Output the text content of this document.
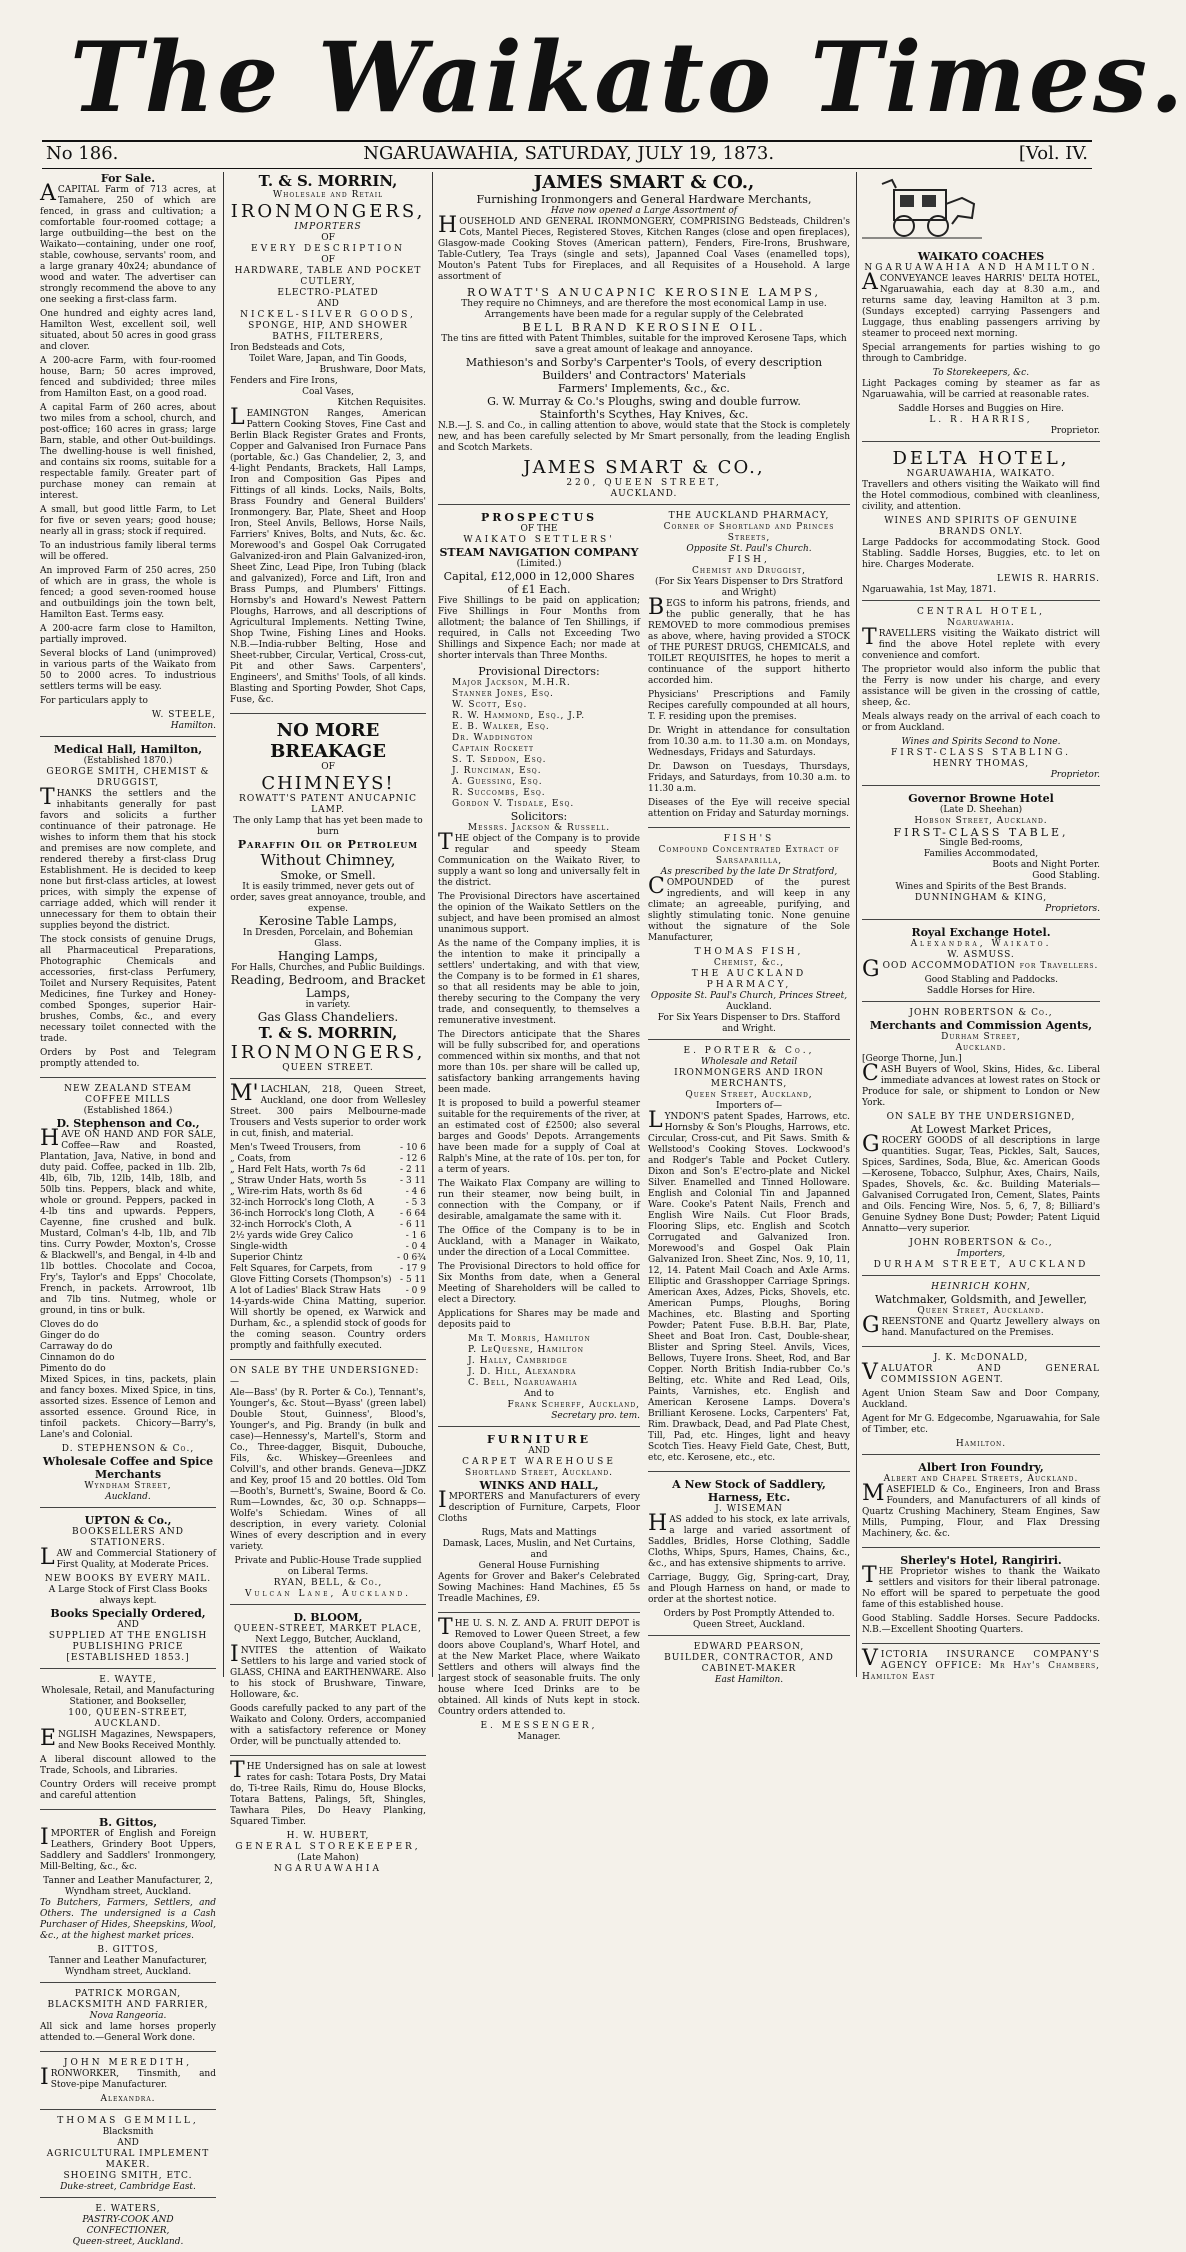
The Waikato Times.
No 186.	NGARUAWAHIA, SATURDAY, JULY 19, 1873.	[Vol. IV.
For Sale.

ACAPITAL Farm of 713 acres, at Tamahere, 250 of which are fenced, in grass and cultivation; a comfortable four-roomed cottage; a large outbuilding—the best on the Waikato—containing, under one roof, stable, cowhouse, servants' room, and a large granary 40x24; abundance of wood and water. The advertiser can strongly recommend the above to any one seeking a first-class farm.

One hundred and eighty acres land, Hamilton West, excellent soil, well situated, about 50 acres in good grass and clover.

A 200-acre Farm, with four-roomed house, Barn; 50 acres improved, fenced and subdivided; three miles from Hamilton East, on a good road.

A capital Farm of 260 acres, about two miles from a school, church, and post-office; 160 acres in grass; large Barn, stable, and other Out-buildings. The dwelling-house is well finished, and contains six rooms, suitable for a respectable family. Greater part of purchase money can remain at interest.

A small, but good little Farm, to Let for five or seven years; good house; nearly all in grass; stock if required.

To an industrious family liberal terms will be offered.

An improved Farm of 250 acres, 250 of which are in grass, the whole is fenced; a good seven-roomed house and outbuildings join the town belt, Hamilton East. Terms easy.

A 200-acre farm close to Hamilton, partially improved.

Several blocks of Land (unimproved) in various parts of the Waikato from 50 to 2000 acres. To industrious settlers terms will be easy.

For particulars apply to

W. STEELE,
Hamilton.
Medical Hall, Hamilton,
(Established 1870.)
GEORGE SMITH, CHEMIST & DRUGGIST,

THANKS the settlers and the inhabitants generally for past favors and solicits a further continuance of their patronage. He wishes to inform them that his stock and premises are now complete, and rendered thereby a first-class Drug Establishment. He is decided to keep none but first-class articles, at lowest prices, with simply the expense of carriage added, which will render it unnecessary for them to obtain their supplies beyond the district.

The stock consists of genuine Drugs, all Pharmaceutical Preparations, Photographic Chemicals and accessories, first-class Perfumery, Toilet and Nursery Requisites, Patent Medicines, fine Turkey and Honey-combed Sponges, superior Hair-brushes, Combs, &c., and every necessary toilet connected with the trade.

Orders by Post and Telegram promptly attended to.

NEW ZEALAND STEAM COFFEE MILLS
(Established 1864.)
D. Stephenson and Co.,

HAVE ON HAND AND FOR SALE, Coffee—Raw and Roasted, Plantation, Java, Native, in bond and duty paid. Coffee, packed in 1lb. 2lb, 4lb, 6lb, 7lb, 12lb, 14lb, 18lb, and 50lb tins. Peppers, black and white, whole or ground. Peppers, packed in 4-lb tins and upwards. Peppers, Cayenne, fine crushed and bulk. Mustard, Colman's 4-lb, 1lb, and 7lb tins. Curry Powder, Moxton's, Crosse & Blackwell's, and Bengal, in 4-lb and 1lb bottles. Chocolate and Cocoa, Fry's, Taylor's and Epps' Chocolate, French, in packets. Arrowroot, 1lb and 7lb tins. Nutmeg, whole or ground, in tins or bulk.

Cloves do do
Ginger do do
Carraway do do
Cinnamon do do
Pimento do do

Mixed Spices, in tins, packets, plain and fancy boxes. Mixed Spice, in tins, assorted sizes. Essence of Lemon and assorted essence. Ground Rice, in tinfoil packets. Chicory—Barry's, Lane's and Colonial.

D. STEPHENSON & Co.,
Wholesale Coffee and Spice Merchants
Wyndham Street,
Auckland.
UPTON & Co.,
BOOKSELLERS AND STATIONERS.

LAW and Commercial Stationery of First Quality, at Moderate Prices.

NEW BOOKS BY EVERY MAIL.
A Large Stock of First Class Books always kept.
Books Specially Ordered,
AND
SUPPLIED AT THE ENGLISH PUBLISHING PRICE
[ESTABLISHED 1853.]
E. WAYTE,
Wholesale, Retail, and Manufacturing Stationer, and Bookseller,
100, QUEEN-STREET, AUCKLAND.

ENGLISH Magazines, Newspapers, and New Books Received Monthly.

A liberal discount allowed to the Trade, Schools, and Libraries.

Country Orders will receive prompt and careful attention

B. Gittos,

IMPORTER of English and Foreign Leathers, Grindery Boot Uppers, Saddlery and Saddlers' Ironmongery, Mill-Belting, &c., &c.

Tanner and Leather Manufacturer, 2, Wyndham street, Auckland.

To Butchers, Farmers, Settlers, and Others. The undersigned is a Cash Purchaser of Hides, Sheepskins, Wool, &c., at the highest market prices.

B. GITTOS,
Tanner and Leather Manufacturer, Wyndham street, Auckland.
PATRICK MORGAN,
BLACKSMITH AND FARRIER,
Nova Rangeoria.

All sick and lame horses properly attended to.—General Work done.

JOHN MEREDITH,

IRONWORKER, Tinsmith, and Stove-pipe Manufacturer.

Alexandra.
THOMAS GEMMILL,
Blacksmith
AND
AGRICULTURAL IMPLEMENT MAKER.
SHOEING SMITH, ETC.
Duke-street, Cambridge East.
E. WATERS,
PASTRY-COOK AND CONFECTIONER,
Queen-street, Auckland.
T. & S. MORRIN,
Wholesale and Retail
IRONMONGERS,
IMPORTERS
OF
EVERY DESCRIPTION
OF
HARDWARE, TABLE AND POCKET CUTLERY,
ELECTRO-PLATED
AND
NICKEL-SILVER GOODS,
SPONGE, HIP, AND SHOWER BATHS, FILTERERS,
Iron Bedsteads and Cots,
Toilet Ware, Japan, and Tin Goods,
Brushware, Door Mats,
Fenders and Fire Irons,
Coal Vases,
Kitchen Requisites.

LEAMINGTON Ranges, American Pattern Cooking Stoves, Fine Cast and Berlin Black Register Grates and Fronts, Copper and Galvanised Iron Furnace Pans (portable, &c.) Gas Chandelier, 2, 3, and 4-light Pendants, Brackets, Hall Lamps, Iron and Composition Gas Pipes and Fittings of all kinds. Locks, Nails, Bolts, Brass Foundry and General Builders' Ironmongery. Bar, Plate, Sheet and Hoop Iron, Steel Anvils, Bellows, Horse Nails, Farriers' Knives, Bolts, and Nuts, &c. &c. Morewood's and Gospel Oak Corrugated Galvanized-iron and Plain Galvanized-iron, Sheet Zinc, Lead Pipe, Iron Tubing (black and galvanized), Force and Lift, Iron and Brass Pumps, and Plumbers' Fittings. Hornsby's and Howard's Newest Pattern Ploughs, Harrows, and all descriptions of Agricultural Implements. Netting Twine, Shop Twine, Fishing Lines and Hooks. N.B.—India-rubber Belting, Hose and Sheet-rubber, Circular, Vertical, Cross-cut, Pit and other Saws. Carpenters', Engineers', and Smiths' Tools, of all kinds. Blasting and Sporting Powder, Shot Caps, Fuse, &c.

NO MORE BREAKAGE
OF
CHIMNEYS!
ROWATT'S PATENT ANUCAPNIC LAMP.
The only Lamp that has yet been made to burn
Paraffin Oil or Petroleum
Without Chimney,
Smoke, or Smell.
It is easily trimmed, never gets out of order, saves great annoyance, trouble, and expense.
Kerosine Table Lamps,
In Dresden, Porcelain, and Bohemian Glass.
Hanging Lamps,
For Halls, Churches, and Public Buildings.
Reading, Bedroom, and Bracket Lamps,
in variety.
Gas Glass Chandeliers.
T. & S. MORRIN,
IRONMONGERS,
QUEEN STREET.

M'LACHLAN, 218, Queen Street, Auckland, one door from Wellesley Street. 300 pairs Melbourne-made Trousers and Vests superior to order work in cut, finish, and material.

Men's Tweed Trousers, from	- 10 6
„ Coats, from	- 12 6
„ Hard Felt Hats, worth 7s 6d	- 2 11
„ Straw Under Hats, worth 5s	- 3 11
„ Wire-rim Hats, worth 8s 6d	- 4 6
32-inch Horrock's long Cloth, A	- 5 3
36-inch Horrock's long Cloth, A	- 6 64
32-inch Horrock's Cloth, A	- 6 11
2½ yards wide Grey Calico	- 1 6
Single-width	- 0 4
Superior Chintz	- 0 6¾
Felt Squares, for Carpets, from	- 17 9
Glove Fitting Corsets (Thompson's) - 5 11
A lot of Ladies' Black Straw Hats	- 0 9

14-yards-wide China Matting, superior. Will shortly be opened, ex Warwick and Durham, &c., a splendid stock of goods for the coming season. Country orders promptly and faithfully executed.

ON SALE BY THE UNDERSIGNED:—

Ale—Bass' (by R. Porter & Co.), Tennant's, Younger's, &c. Stout—Byass' (green label) Double Stout, Guinness', Blood's, Younger's, and Pig. Brandy (in bulk and case)—Hennessy's, Martell's, Storm and Co., Three-dagger, Bisquit, Dubouche, Fils, &c. Whiskey—Greenlees and Colvill's, and other brands. Geneva—JDKZ and Key, proof 15 and 20 bottles. Old Tom—Booth's, Burnett's, Swaine, Boord & Co. Rum—Lowndes, &c, 30 o.p. Schnapps—Wolfe's Schiedam. Wines of all description, in every variety. Colonial Wines of every description and in every variety.

Private and Public-House Trade supplied on Liberal Terms.
RYAN, BELL, & Co.,
Vulcan Lane, Auckland.
D. BLOOM,
QUEEN-STREET, MARKET PLACE,
Next Leggo, Butcher, Auckland,

INVITES the attention of Waikato Settlers to his large and varied stock of GLASS, CHINA and EARTHENWARE. Also to his stock of Brushware, Tinware, Holloware, &c.

Goods carefully packed to any part of the Waikato and Colony. Orders, accompanied with a satisfactory reference or Money Order, will be punctually attended to.

THE Undersigned has on sale at lowest rates for cash: Totara Posts, Dry Matai do, Ti-tree Rails, Rimu do, House Blocks, Totara Battens, Palings, 5ft, Shingles, Tawhara Piles, Do Heavy Planking, Squared Timber.

H. W. HUBERT,
GENERAL STOREKEEPER,
(Late Mahon)
NGARUAWAHIA
JAMES SMART & CO.,
Furnishing Ironmongers and General Hardware Merchants,
Have now opened a Large Assortment of

HOUSEHOLD AND GENERAL IRONMONGERY, COMPRISING Bedsteads, Children's Cots, Mantel Pieces, Registered Stoves, Kitchen Ranges (close and open fireplaces), Glasgow-made Cooking Stoves (American pattern), Fenders, Fire-Irons, Brushware, Table-Cutlery, Tea Trays (single and sets), Japanned Coal Vases (enamelled tops), Mouton's Patent Tubs for Fireplaces, and all Requisites of a Household. A large assortment of

ROWATT'S ANUCAPNIC KEROSINE LAMPS,
They require no Chimneys, and are therefore the most economical Lamp in use.
Arrangements have been made for a regular supply of the Celebrated
BELL BRAND KEROSINE OIL.
The tins are fitted with Patent Thimbles, suitable for the improved Kerosene Taps, which save a great amount of leakage and annoyance.
Mathieson's and Sorby's Carpenter's Tools, of every description
Builders' and Contractors' Materials
Farmers' Implements, &c., &c.
G. W. Murray & Co.'s Ploughs, swing and double furrow.
Stainforth's Scythes, Hay Knives, &c.

N.B.—J. S. and Co., in calling attention to above, would state that the Stock is completely new, and has been carefully selected by Mr Smart personally, from the leading English and Scotch Markets.

JAMES SMART & CO.,
220, QUEEN STREET,
AUCKLAND.
PROSPECTUS
OF THE
WAIKATO SETTLERS'
STEAM NAVIGATION COMPANY
(Limited.)
Capital, £12,000 in 12,000 Shares of £1 Each.

Five Shillings to be paid on application; Five Shillings in Four Months from allotment; the balance of Ten Shillings, if required, in Calls not Exceeding Two Shillings and Sixpence Each; nor made at shorter intervals than Three Months.

Provisional Directors:
Major Jackson, M.H.R.
Stanner Jones, Esq.
W. Scott, Esq.
R. W. Hammond, Esq., J.P.
E. B. Walker, Esq.
Dr. Waddington
Captain Rockett
S. T. Seddon, Esq.
J. Runciman, Esq.
A. Guessing, Esq.
R. Succombs, Esq.
Gordon V. Tisdale, Esq.
Solicitors:
Messrs. Jackson & Russell.

THE object of the Company is to provide regular and speedy Steam Communication on the Waikato River, to supply a want so long and universally felt in the district.

The Provisional Directors have ascertained the opinion of the Waikato Settlers on the subject, and have been promised an almost unanimous support.

As the name of the Company implies, it is the intention to make it principally a settlers' undertaking, and with that view, the Company is to be formed in £1 shares, so that all residents may be able to join, thereby securing to the Company the very trade, and consequently, to themselves a remunerative investment.

The Directors anticipate that the Shares will be fully subscribed for, and operations commenced within six months, and that not more than 10s. per share will be called up, satisfactory banking arrangements having been made.

It is proposed to build a powerful steamer suitable for the requirements of the river, at an estimated cost of £2500; also several barges and Goods' Depots. Arrangements have been made for a supply of Coal at Ralph's Mine, at the rate of 10s. per ton, for a term of years.

The Waikato Flax Company are willing to run their steamer, now being built, in connection with the Company, or if desirable, amalgamate the same with it.

The Office of the Company is to be in Auckland, with a Manager in Waikato, under the direction of a Local Committee.

The Provisional Directors to hold office for Six Months from date, when a General Meeting of Shareholders will be called to elect a Directory.

Applications for Shares may be made and deposits paid to

Mr T. Morris, Hamilton
P. LeQuesne, Hamilton
J. Hally, Cambridge
J. D. Hill, Alexandra
C. Bell, Ngaruawahia
And to
Frank Scherff, Auckland,
Secretary pro. tem.
FURNITURE
AND
CARPET WAREHOUSE
Shortland Street, Auckland.
WINKS AND HALL,

IMPORTERS and Manufacturers of every description of Furniture, Carpets, Floor Cloths

Rugs, Mats and Mattings
Damask, Laces, Muslin, and Net Curtains, and
General House Furnishing

Agents for Grover and Baker's Celebrated Sowing Machines: Hand Machines, £5 5s Treadle Machines, £9.

THE U. S. N. Z. AND A. FRUIT DEPOT is Removed to Lower Queen Street, a few doors above Coupland's, Wharf Hotel, and at the New Market Place, where Waikato Settlers and others will always find the largest stock of seasonable fruits. The only house where Iced Drinks are to be obtained. All kinds of Nuts kept in stock. Country orders attended to.

E. MESSENGER,
Manager.
THE AUCKLAND PHARMACY,
Corner of Shortland and Princes Streets,
Opposite St. Paul's Church.
FISH,
Chemist and Druggist,
(For Six Years Dispenser to Drs Stratford and Wright)

BEGS to inform his patrons, friends, and the public generally, that he has REMOVED to more commodious premises as above, where, having provided a STOCK of THE PUREST DRUGS, CHEMICALS, and TOILET REQUISITES, he hopes to merit a continuance of the support hitherto accorded him.

Physicians' Prescriptions and Family Recipes carefully compounded at all hours, T. F. residing upon the premises.

Dr. Wright in attendance for consultation from 10.30 a.m. to 11.30 a.m. on Mondays, Wednesdays, Fridays and Saturdays.

Dr. Dawson on Tuesdays, Thursdays, Fridays, and Saturdays, from 10.30 a.m. to 11.30 a.m.

Diseases of the Eye will receive special attention on Friday and Saturday mornings.

FISH'S
Compound Concentrated Extract of Sarsaparilla,
As prescribed by the late Dr Stratford,

COMPOUNDED of the purest ingredients, and will keep in any climate; an agreeable, purifying, and slightly stimulating tonic. None genuine without the signature of the Sole Manufacturer,

THOMAS FISH,
Chemist, &c.,
THE AUCKLAND PHARMACY,
Opposite St. Paul's Church, Princes Street,
Auckland.
For Six Years Dispenser to Drs. Stafford and Wright.
E. PORTER & Co.,
Wholesale and Retail
IRONMONGERS AND IRON MERCHANTS,
Queen Street, Auckland,
Importers of—

LYNDON'S patent Spades, Harrows, etc. Hornsby & Son's Ploughs, Harrows, etc. Circular, Cross-cut, and Pit Saws. Smith & Wellstood's Cooking Stoves. Lockwood's and Rodger's Table and Pocket Cutlery. Dixon and Son's E'ectro-plate and Nickel Silver. Enamelled and Tinned Holloware. English and Colonial Tin and Japanned Ware. Cooke's Patent Nails, French and English Wire Nails. Cut Floor Brads, Flooring Slips, etc. English and Scotch Corrugated and Galvanized Iron. Morewood's and Gospel Oak Plain Galvanized Iron. Sheet Zinc, Nos. 9, 10, 11, 12, 14. Patent Mail Coach and Axle Arms. Elliptic and Grasshopper Carriage Springs. American Axes, Adzes, Picks, Shovels, etc. American Pumps, Ploughs, Boring Machines, etc. Blasting and Sporting Powder; Patent Fuse. B.B.H. Bar, Plate, Sheet and Boat Iron. Cast, Double-shear, Blister and Spring Steel. Anvils, Vices, Bellows, Tuyere Irons. Sheet, Rod, and Bar Copper. North British India-rubber Co.'s Belting, etc. White and Red Lead, Oils, Paints, Varnishes, etc. English and American Kerosene Lamps. Dovera's Brilliant Kerosene. Locks, Carpenters' Fat, Rim. Drawback, Dead, and Pad Plate Chest, Till, Pad, etc. Hinges, light and heavy Scotch Ties. Heavy Field Gate, Chest, Butt, etc, etc. Kerosene, etc., etc.

A New Stock of Saddlery, Harness, Etc.
J. WISEMAN

HAS added to his stock, ex late arrivals, a large and varied assortment of Saddles, Bridles, Horse Clothing, Saddle Cloths, Whips, Spurs, Hames, Chains, &c., &c., and has extensive shipments to arrive.

Carriage, Buggy, Gig, Spring-cart, Dray, and Plough Harness on hand, or made to order at the shortest notice.

Orders by Post Promptly Attended to.
Queen Street, Auckland.
EDWARD PEARSON,
BUILDER, CONTRACTOR, AND CABINET-MAKER
East Hamilton.
WAIKATO COACHES
NGARUAWAHIA AND HAMILTON.

ACONVEYANCE leaves HARRIS' DELTA HOTEL, Ngaruawahia, each day at 8.30 a.m., and returns same day, leaving Hamilton at 3 p.m. (Sundays excepted) carrying Passengers and Luggage, thus enabling passengers arriving by steamer to proceed next morning.

Special arrangements for parties wishing to go through to Cambridge.

To Storekeepers, &c.

Light Packages coming by steamer as far as Ngaruawahia, will be carried at reasonable rates.

Saddle Horses and Buggies on Hire.
L. R. HARRIS,
Proprietor.
DELTA HOTEL,
NGARUAWAHIA, WAIKATO.

Travellers and others visiting the Waikato will find the Hotel commodious, combined with cleanliness, civility, and attention.

WINES AND SPIRITS OF GENUINE BRANDS ONLY.

Large Paddocks for accommodating Stock. Good Stabling. Saddle Horses, Buggies, etc. to let on hire. Charges Moderate.

LEWIS R. HARRIS.
Ngaruawahia, 1st May, 1871.
CENTRAL HOTEL,
Ngaruawahia.

TRAVELLERS visiting the Waikato district will find the above Hotel replete with every convenience and comfort.

The proprietor would also inform the public that the Ferry is now under his charge, and every assistance will be given in the crossing of cattle, sheep, &c.

Meals always ready on the arrival of each coach to or from Auckland.

Wines and Spirits Second to None.
FIRST-CLASS STABLING.
HENRY THOMAS,
Proprietor.
Governor Browne Hotel
(Late D. Sheehan)
Hobson Street, Auckland.
FIRST-CLASS TABLE,
Single Bed-rooms,
Families Accommodated,
Boots and Night Porter.
Good Stabling.
Wines and Spirits of the Best Brands.
DUNNINGHAM & KING,
Proprietors.
Royal Exchange Hotel.
Alexandra, Waikato.
W. ASMUSS.

GOOD ACCOMMODATION for Travellers.

Good Stabling and Paddocks.
Saddle Horses for Hire.
JOHN ROBERTSON & Co.,
Merchants and Commission Agents,
Durham Street,
Auckland.
[George Thorne, Jun.]

CASH Buyers of Wool, Skins, Hides, &c. Liberal immediate advances at lowest rates on Stock or Produce for sale, or shipment to London or New York.

ON SALE BY THE UNDERSIGNED,
At Lowest Market Prices,

GROCERY GOODS of all descriptions in large quantities. Sugar, Teas, Pickles, Salt, Sauces, Spices, Sardines, Soda, Blue, &c. American Goods—Kerosene, Tobacco, Sulphur, Axes, Chairs, Nails, Spades, Shovels, &c. &c. Building Materials—Galvanised Corrugated Iron, Cement, Slates, Paints and Oils. Fencing Wire, Nos. 5, 6, 7, 8; Billiard's Genuine Sydney Bone Dust; Powder; Patent Liquid Annatto—very superior.

JOHN ROBERTSON & Co.,
Importers,
DURHAM STREET, AUCKLAND
HEINRICH KOHN,
Watchmaker, Goldsmith, and Jeweller,
Queen Street, Auckland.

GREENSTONE and Quartz Jewellery always on hand. Manufactured on the Premises.

J. K. McDONALD,

VALUATOR AND GENERAL COMMISSION AGENT.

Agent Union Steam Saw and Door Company, Auckland.

Agent for Mr G. Edgecombe, Ngaruawahia, for Sale of Timber, etc.

Hamilton.
Albert Iron Foundry,
Albert and Chapel Streets, Auckland.

MASEFIELD & Co., Engineers, Iron and Brass Founders, and Manufacturers of all kinds of Quartz Crushing Machinery, Steam Engines, Saw Mills, Pumping, Flour, and Flax Dressing Machinery, &c. &c.

Sherley's Hotel, Rangiriri.

THE Proprietor wishes to thank the Waikato settlers and visitors for their liberal patronage. No effort will be spared to perpetuate the good fame of this established house.

Good Stabling. Saddle Horses. Secure Paddocks. N.B.—Excellent Shooting Quarters.

VICTORIA INSURANCE COMPANY'S AGENCY OFFICE: Mr Hay's Chambers, Hamilton East
